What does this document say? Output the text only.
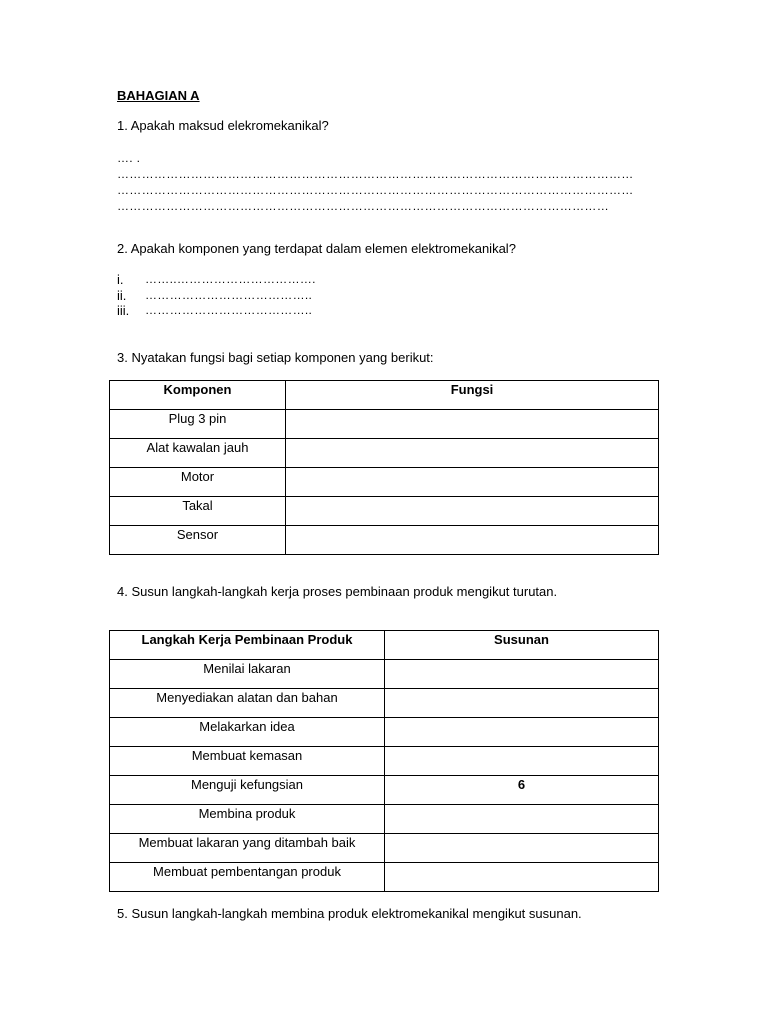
BAHAGIAN A
1. Apakah maksud elekromekanikal?
…. .
………………………………………………………………………………………………………………
………………………………………………………………………………………………………………
…………………………………………………………………………………………………………
2. Apakah komponen yang terdapat dalam elemen elektromekanikal?
i. ……..…………………………….
ii. …………………………………..
iii. …………………………………..
3. Nyatakan fungsi bagi setiap komponen yang berikut:
Komponen	Fungsi
Plug 3 pin	
Alat kawalan jauh	
Motor	
Takal	
Sensor	
4. Susun langkah-langkah kerja proses pembinaan produk mengikut turutan.
Langkah Kerja Pembinaan Produk	Susunan
Menilai lakaran	
Menyediakan alatan dan bahan	
Melakarkan idea	
Membuat kemasan	
Menguji kefungsian	6
Membina produk	
Membuat lakaran yang ditambah baik	
Membuat pembentangan produk	
5. Susun langkah-langkah membina produk elektromekanikal mengikut susunan.
